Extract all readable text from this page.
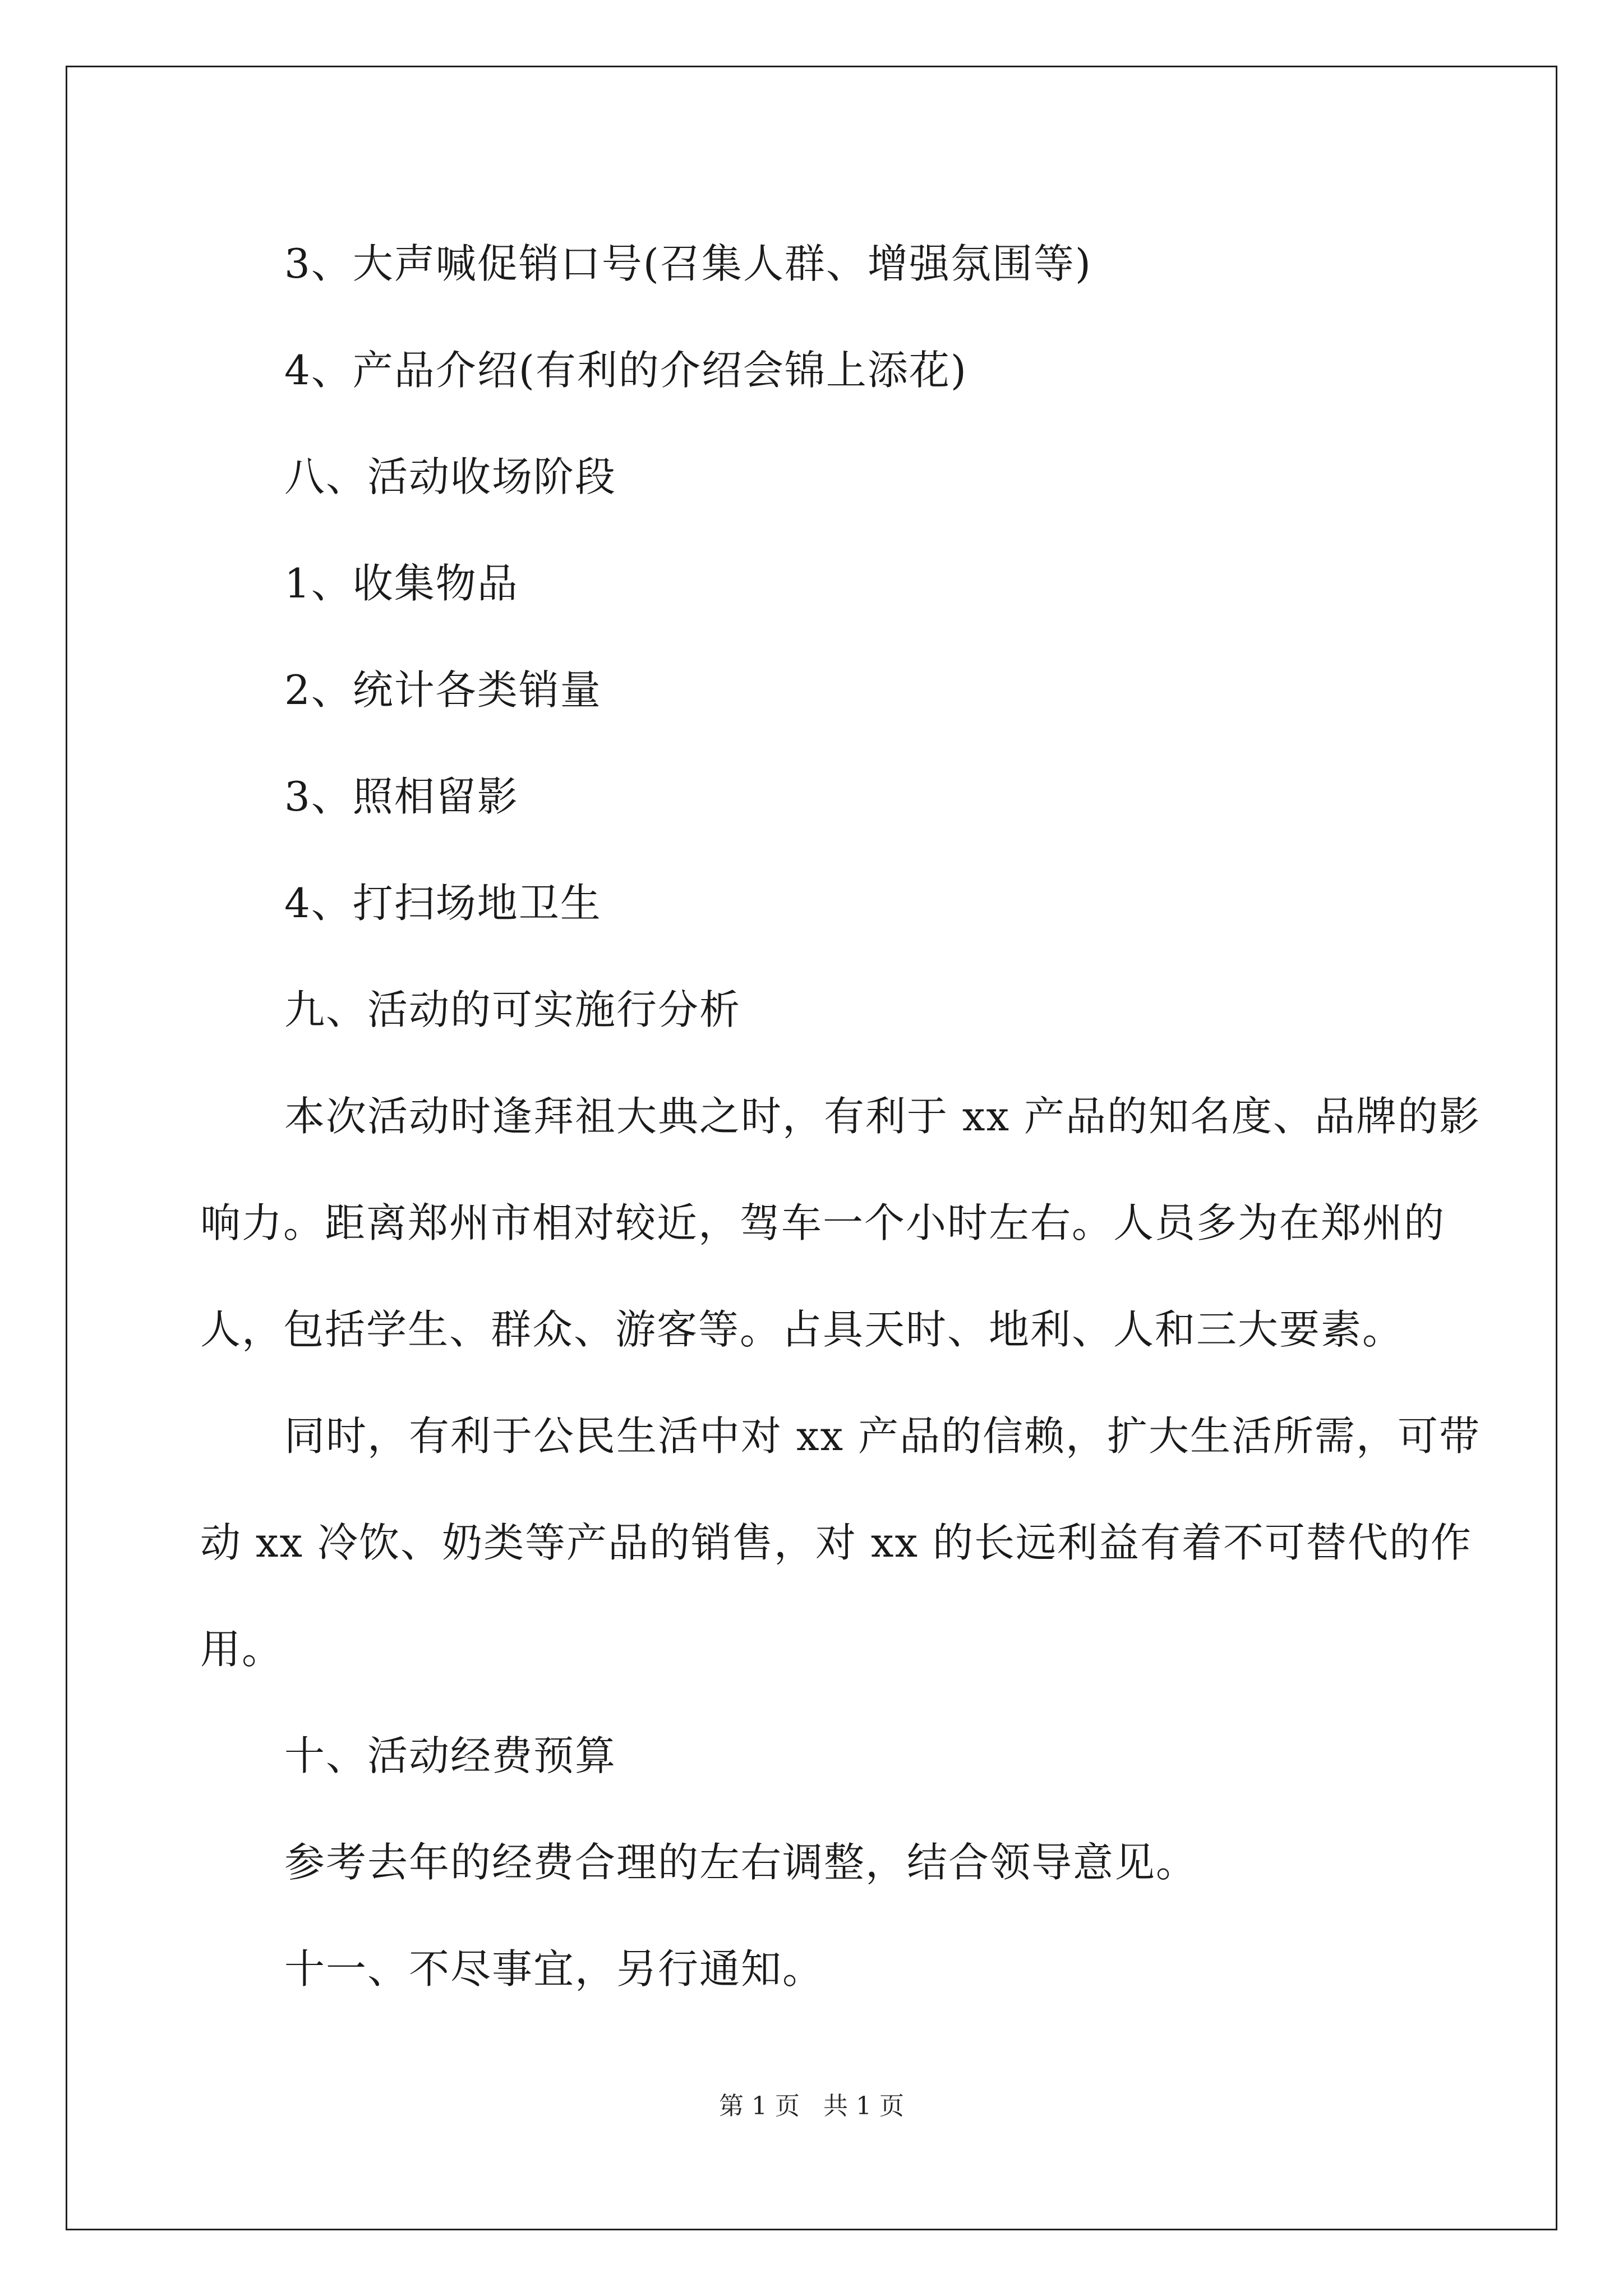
3、大声喊促销口号(召集人群、增强氛围等)
4、产品介绍(有利的介绍会锦上添花)
八、活动收场阶段
1、收集物品
2、统计各类销量
3、照相留影
4、打扫场地卫生
九、活动的可实施行分析
本次活动时逢拜祖大典之时，有利于 xx 产品的知名度、品牌的影
响力。距离郑州市相对较近，驾车一个小时左右。人员多为在郑州的
人，包括学生、群众、游客等。占具天时、地利、人和三大要素。
同时，有利于公民生活中对 xx 产品的信赖，扩大生活所需，可带
动 xx 冷饮、奶类等产品的销售，对 xx 的长远利益有着不可替代的作
用。
十、活动经费预算
参考去年的经费合理的左右调整，结合领导意见。
十一、不尽事宜，另行通知。
第 1 页 共 1 页
